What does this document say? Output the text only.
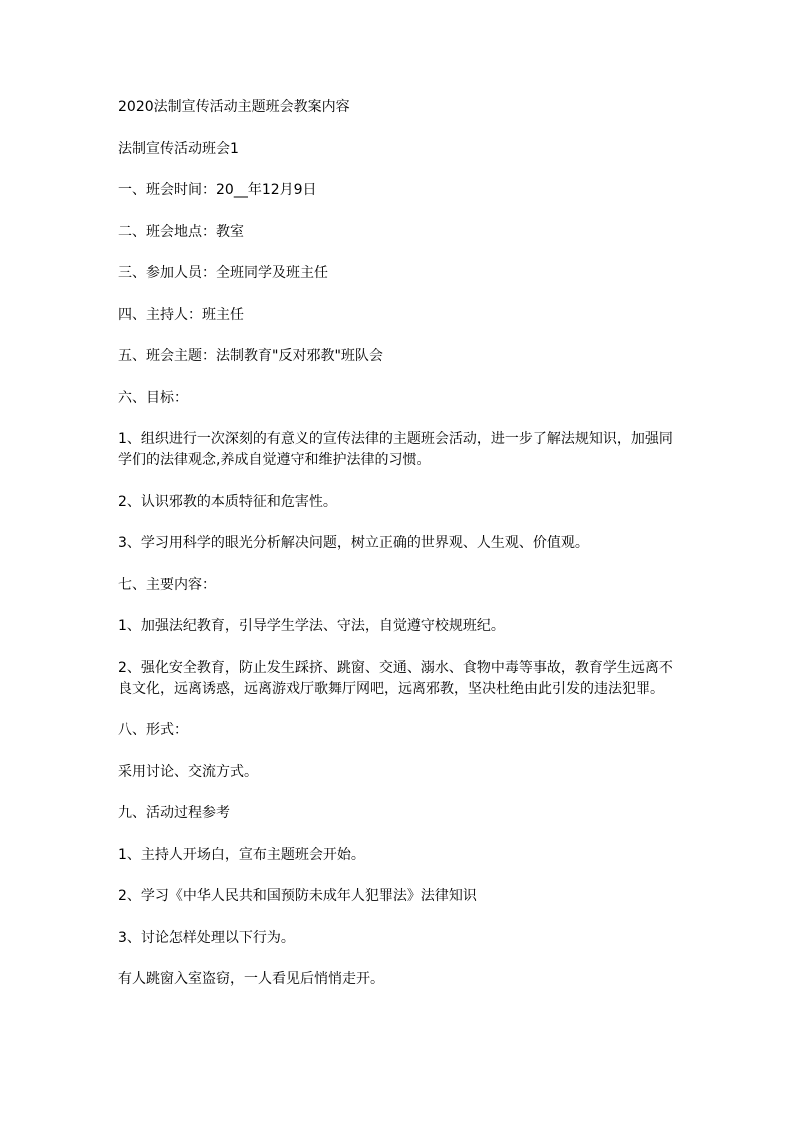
2020法制宣传活动主题班会教案内容
法制宣传活动班会1
一、班会时间：20__年12月9日
二、班会地点：教室
三、参加人员：全班同学及班主任
四、主持人：班主任
五、班会主题：法制教育"反对邪教"班队会
六、目标：
1、组织进行一次深刻的有意义的宣传法律的主题班会活动，进一步了解法规知识，加强同
学们的法律观念,养成自觉遵守和维护法律的习惯。
2、认识邪教的本质特征和危害性。
3、学习用科学的眼光分析解决问题，树立正确的世界观、人生观、价值观。
七、主要内容：
1、加强法纪教育，引导学生学法、守法，自觉遵守校规班纪。
2、强化安全教育，防止发生踩挤、跳窗、交通、溺水、食物中毒等事故，教育学生远离不
良文化，远离诱惑，远离游戏厅歌舞厅网吧，远离邪教，坚决杜绝由此引发的违法犯罪。
八、形式：
采用讨论、交流方式。
九、活动过程参考
1、主持人开场白，宣布主题班会开始。
2、学习《中华人民共和国预防未成年人犯罪法》法律知识
3、讨论怎样处理以下行为。
有人跳窗入室盗窃，一人看见后悄悄走开。
